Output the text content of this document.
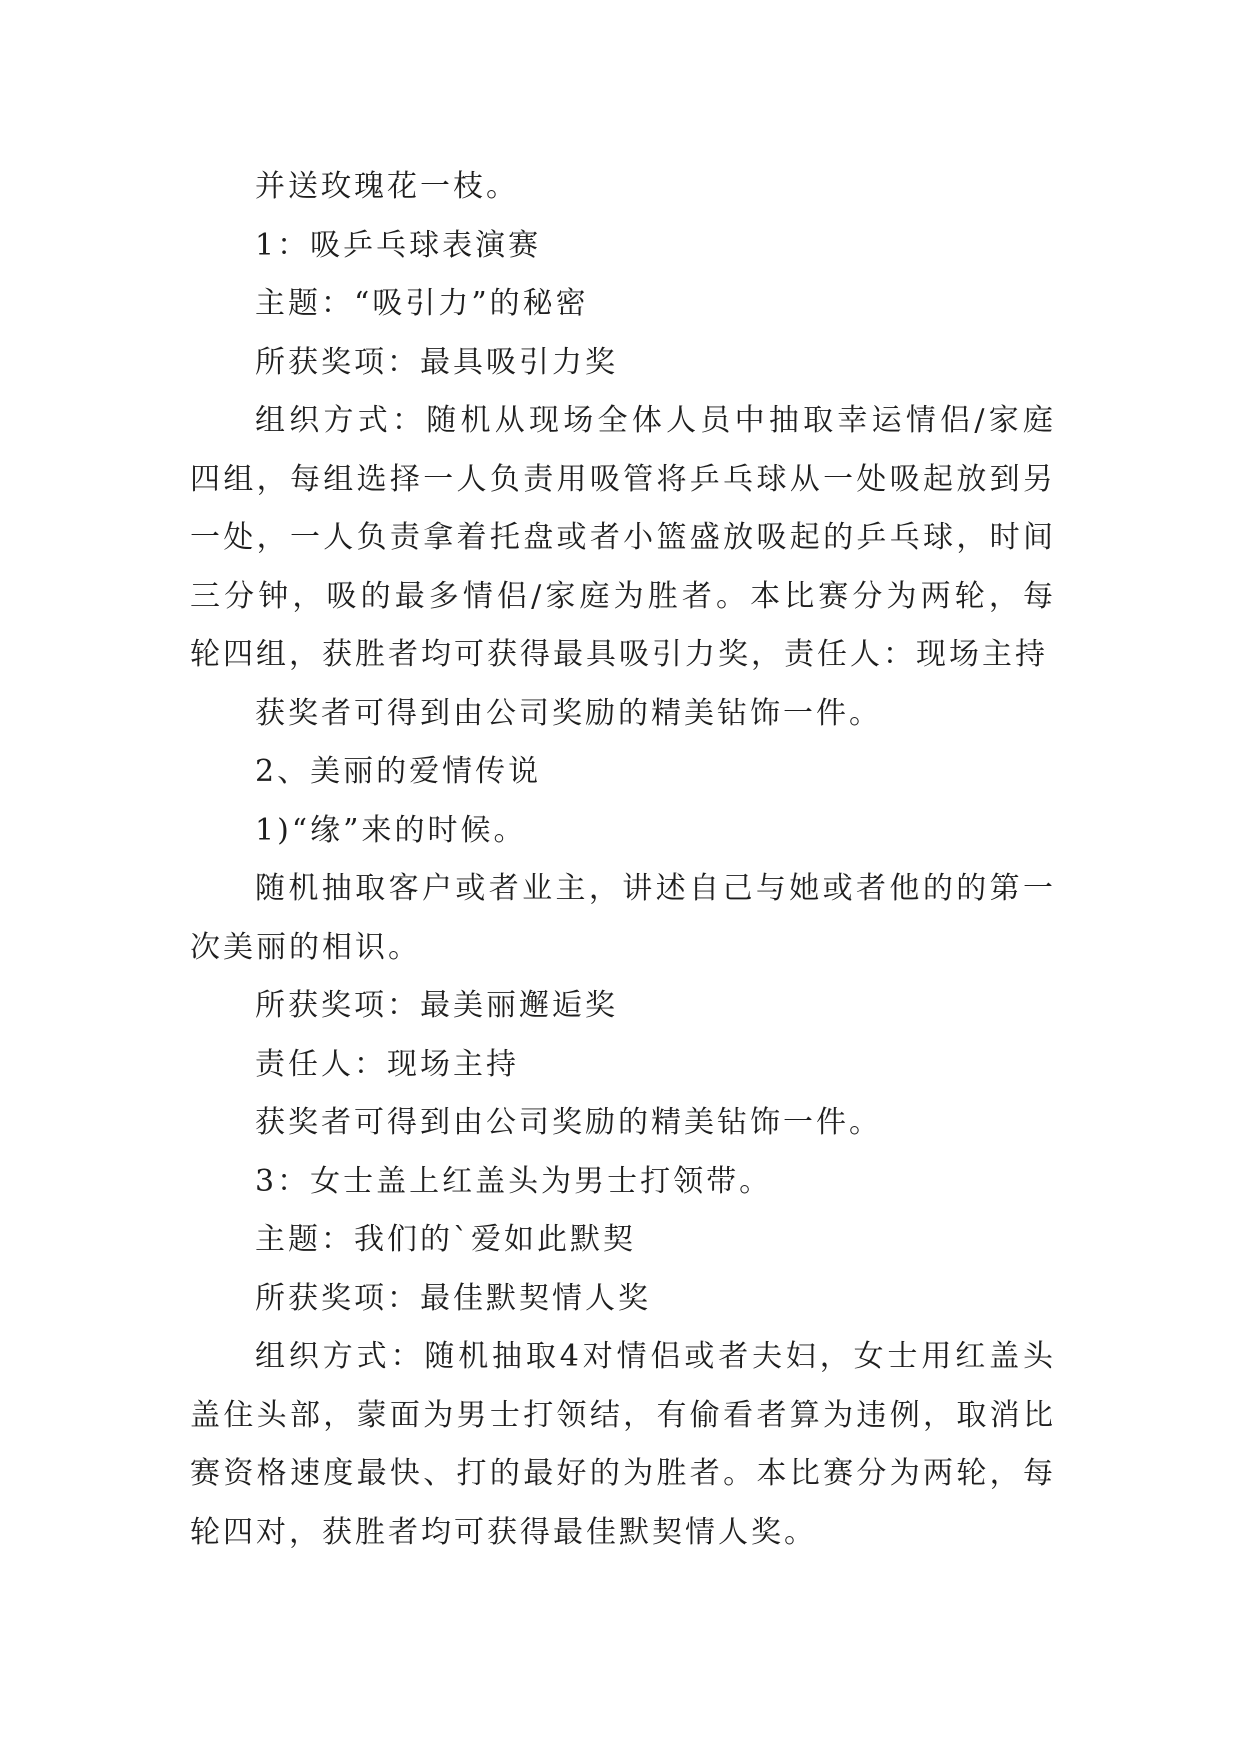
并送玫瑰花一枝。

1：吸乒乓球表演赛

主题：“吸引力”的秘密

所获奖项：最具吸引力奖

组织方式：随机从现场全体人员中抽取幸运情侣/家庭四组，每组选择一人负责用吸管将乒乓球从一处吸起放到另一处，一人负责拿着托盘或者小篮盛放吸起的乒乓球，时间三分钟，吸的最多情侣/家庭为胜者。本比赛分为两轮，每轮四组，获胜者均可获得最具吸引力奖，责任人：现场主持

获奖者可得到由公司奖励的精美钻饰一件。

2、美丽的爱情传说

1)“缘”来的时候。

随机抽取客户或者业主，讲述自己与她或者他的的第一次美丽的相识。

所获奖项：最美丽邂逅奖

责任人：现场主持

获奖者可得到由公司奖励的精美钻饰一件。

3：女士盖上红盖头为男士打领带。

主题：我们的`爱如此默契

所获奖项：最佳默契情人奖

组织方式：随机抽取4对情侣或者夫妇，女士用红盖头盖住头部，蒙面为男士打领结，有偷看者算为违例，取消比赛资格速度最快、打的最好的为胜者。本比赛分为两轮，每轮四对，获胜者均可获得最佳默契情人奖。
